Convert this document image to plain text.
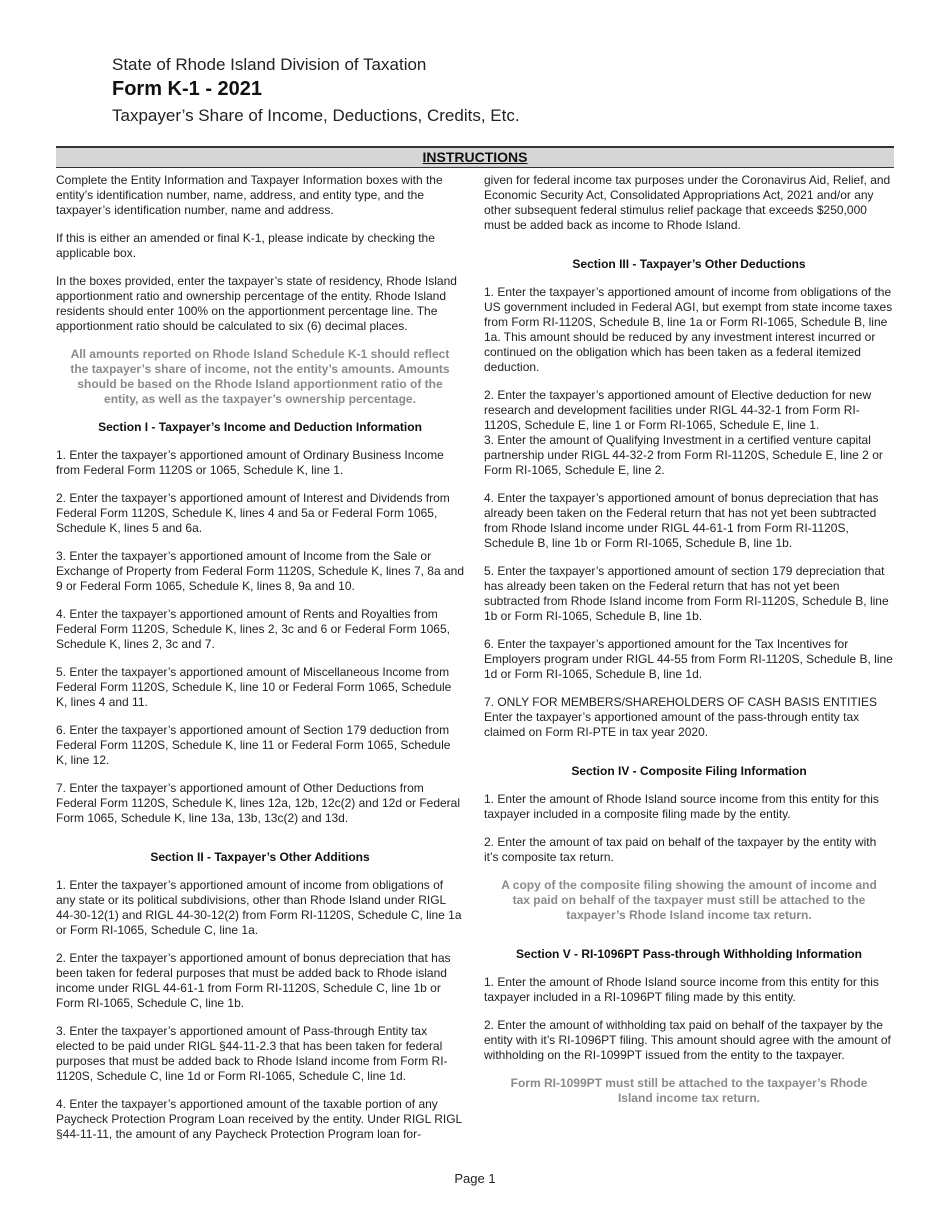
State of Rhode Island Division of Taxation
Form K-1 - 2021
Taxpayer’s Share of Income, Deductions, Credits, Etc.
INSTRUCTIONS

Complete the Entity Information and Taxpayer Information boxes with the entity’s identification number, name, address, and entity type, and the taxpayer’s identification number, name and address.

If this is either an amended or final K-1, please indicate by checking the applicable box.

In the boxes provided, enter the taxpayer’s state of residency, Rhode Island apportionment ratio and ownership percentage of the entity. Rhode Island residents should enter 100% on the apportionment percentage line. The apportionment ratio should be calculated to six (6) decimal places.

All amounts reported on Rhode Island Schedule K-1 should reflect the taxpayer’s share of income, not the entity’s amounts. Amounts should be based on the Rhode Island apportionment ratio of the entity, as well as the taxpayer’s ownership percentage.

Section I - Taxpayer’s Income and Deduction Information

1. Enter the taxpayer’s apportioned amount of Ordinary Business Income from Federal Form 1120S or 1065, Schedule K, line 1.

2. Enter the taxpayer’s apportioned amount of Interest and Dividends from Federal Form 1120S, Schedule K, lines 4 and 5a or Federal Form 1065, Schedule K, lines 5 and 6a.

3. Enter the taxpayer’s apportioned amount of Income from the Sale or Exchange of Property from Federal Form 1120S, Schedule K, lines 7, 8a and 9 or Federal Form 1065, Schedule K, lines 8, 9a and 10.

4. Enter the taxpayer’s apportioned amount of Rents and Royalties from Federal Form 1120S, Schedule K, lines 2, 3c and 6 or Federal Form 1065, Schedule K, lines 2, 3c and 7.

5. Enter the taxpayer’s apportioned amount of Miscellaneous Income from Federal Form 1120S, Schedule K, line 10 or Federal Form 1065, Schedule K, lines 4 and 11.

6. Enter the taxpayer’s apportioned amount of Section 179 deduction from Federal Form 1120S, Schedule K, line 11 or Federal Form 1065, Schedule K, line 12.

7. Enter the taxpayer’s apportioned amount of Other Deductions from Federal Form 1120S, Schedule K, lines 12a, 12b, 12c(2) and 12d or Federal Form 1065, Schedule K, line 13a, 13b, 13c(2) and 13d.

Section II - Taxpayer’s Other Additions

1. Enter the taxpayer’s apportioned amount of income from obligations of any state or its political subdivisions, other than Rhode Island under RIGL 44-30-12(1) and RIGL 44-30-12(2) from Form RI-1120S, Schedule C, line 1a or Form RI-1065, Schedule C, line 1a.

2. Enter the taxpayer’s apportioned amount of bonus depreciation that has been taken for federal purposes that must be added back to Rhode island income under RIGL 44-61-1 from Form RI-1120S, Schedule C, line 1b or Form RI-1065, Schedule C, line 1b.

3. Enter the taxpayer’s apportioned amount of Pass-through Entity tax elected to be paid under RIGL §44-11-2.3 that has been taken for federal purposes that must be added back to Rhode Island income from Form RI-1120S, Schedule C, line 1d or Form RI-1065, Schedule C, line 1d.

4. Enter the taxpayer’s apportioned amount of the taxable portion of any Paycheck Protection Program Loan received by the entity. Under RIGL RIGL §44-11-11, the amount of any Paycheck Protection Program loan for-

given for federal income tax purposes under the Coronavirus Aid, Relief, and Economic Security Act, Consolidated Appropriations Act, 2021 and/or any other subsequent federal stimulus relief package that exceeds $250,000 must be added back as income to Rhode Island.

Section III - Taxpayer’s Other Deductions

1. Enter the taxpayer’s apportioned amount of income from obligations of the US government included in Federal AGI, but exempt from state income taxes from Form RI-1120S, Schedule B, line 1a or Form RI-1065, Schedule B, line 1a. This amount should be reduced by any investment interest incurred or continued on the obligation which has been taken as a federal itemized deduction.

2. Enter the taxpayer’s apportioned amount of Elective deduction for new research and development facilities under RIGL 44-32-1 from Form RI-1120S, Schedule E, line 1 or Form RI-1065, Schedule E, line 1.

3. Enter the amount of Qualifying Investment in a certified venture capital partnership under RIGL 44-32-2 from Form RI-1120S, Schedule E, line 2 or Form RI-1065, Schedule E, line 2.

4. Enter the taxpayer’s apportioned amount of bonus depreciation that has already been taken on the Federal return that has not yet been subtracted from Rhode Island income under RIGL 44-61-1 from Form RI-1120S, Schedule B, line 1b or Form RI-1065, Schedule B, line 1b.

5. Enter the taxpayer’s apportioned amount of section 179 depreciation that has already been taken on the Federal return that has not yet been subtracted from Rhode Island income from Form RI-1120S, Schedule B, line 1b or Form RI-1065, Schedule B, line 1b.

6. Enter the taxpayer’s apportioned amount for the Tax Incentives for Employers program under RIGL 44-55 from Form RI-1120S, Schedule B, line 1d or Form RI-1065, Schedule B, line 1d.

7. ONLY FOR MEMBERS/SHAREHOLDERS OF CASH BASIS ENTITIES
Enter the taxpayer’s apportioned amount of the pass-through entity tax claimed on Form RI-PTE in tax year 2020.

Section IV - Composite Filing Information

1. Enter the amount of Rhode Island source income from this entity for this taxpayer included in a composite filing made by the entity.

2. Enter the amount of tax paid on behalf of the taxpayer by the entity with it’s composite tax return.

A copy of the composite filing showing the amount of income and tax paid on behalf of the taxpayer must still be attached to the taxpayer’s Rhode Island income tax return.

Section V - RI-1096PT Pass-through Withholding Information

1. Enter the amount of Rhode Island source income from this entity for this taxpayer included in a RI-1096PT filing made by this entity.

2. Enter the amount of withholding tax paid on behalf of the taxpayer by the entity with it’s RI-1096PT filing. This amount should agree with the amount of withholding on the RI-1099PT issued from the entity to the taxpayer.

Form RI-1099PT must still be attached to the taxpayer’s Rhode Island income tax return.

Page 1
